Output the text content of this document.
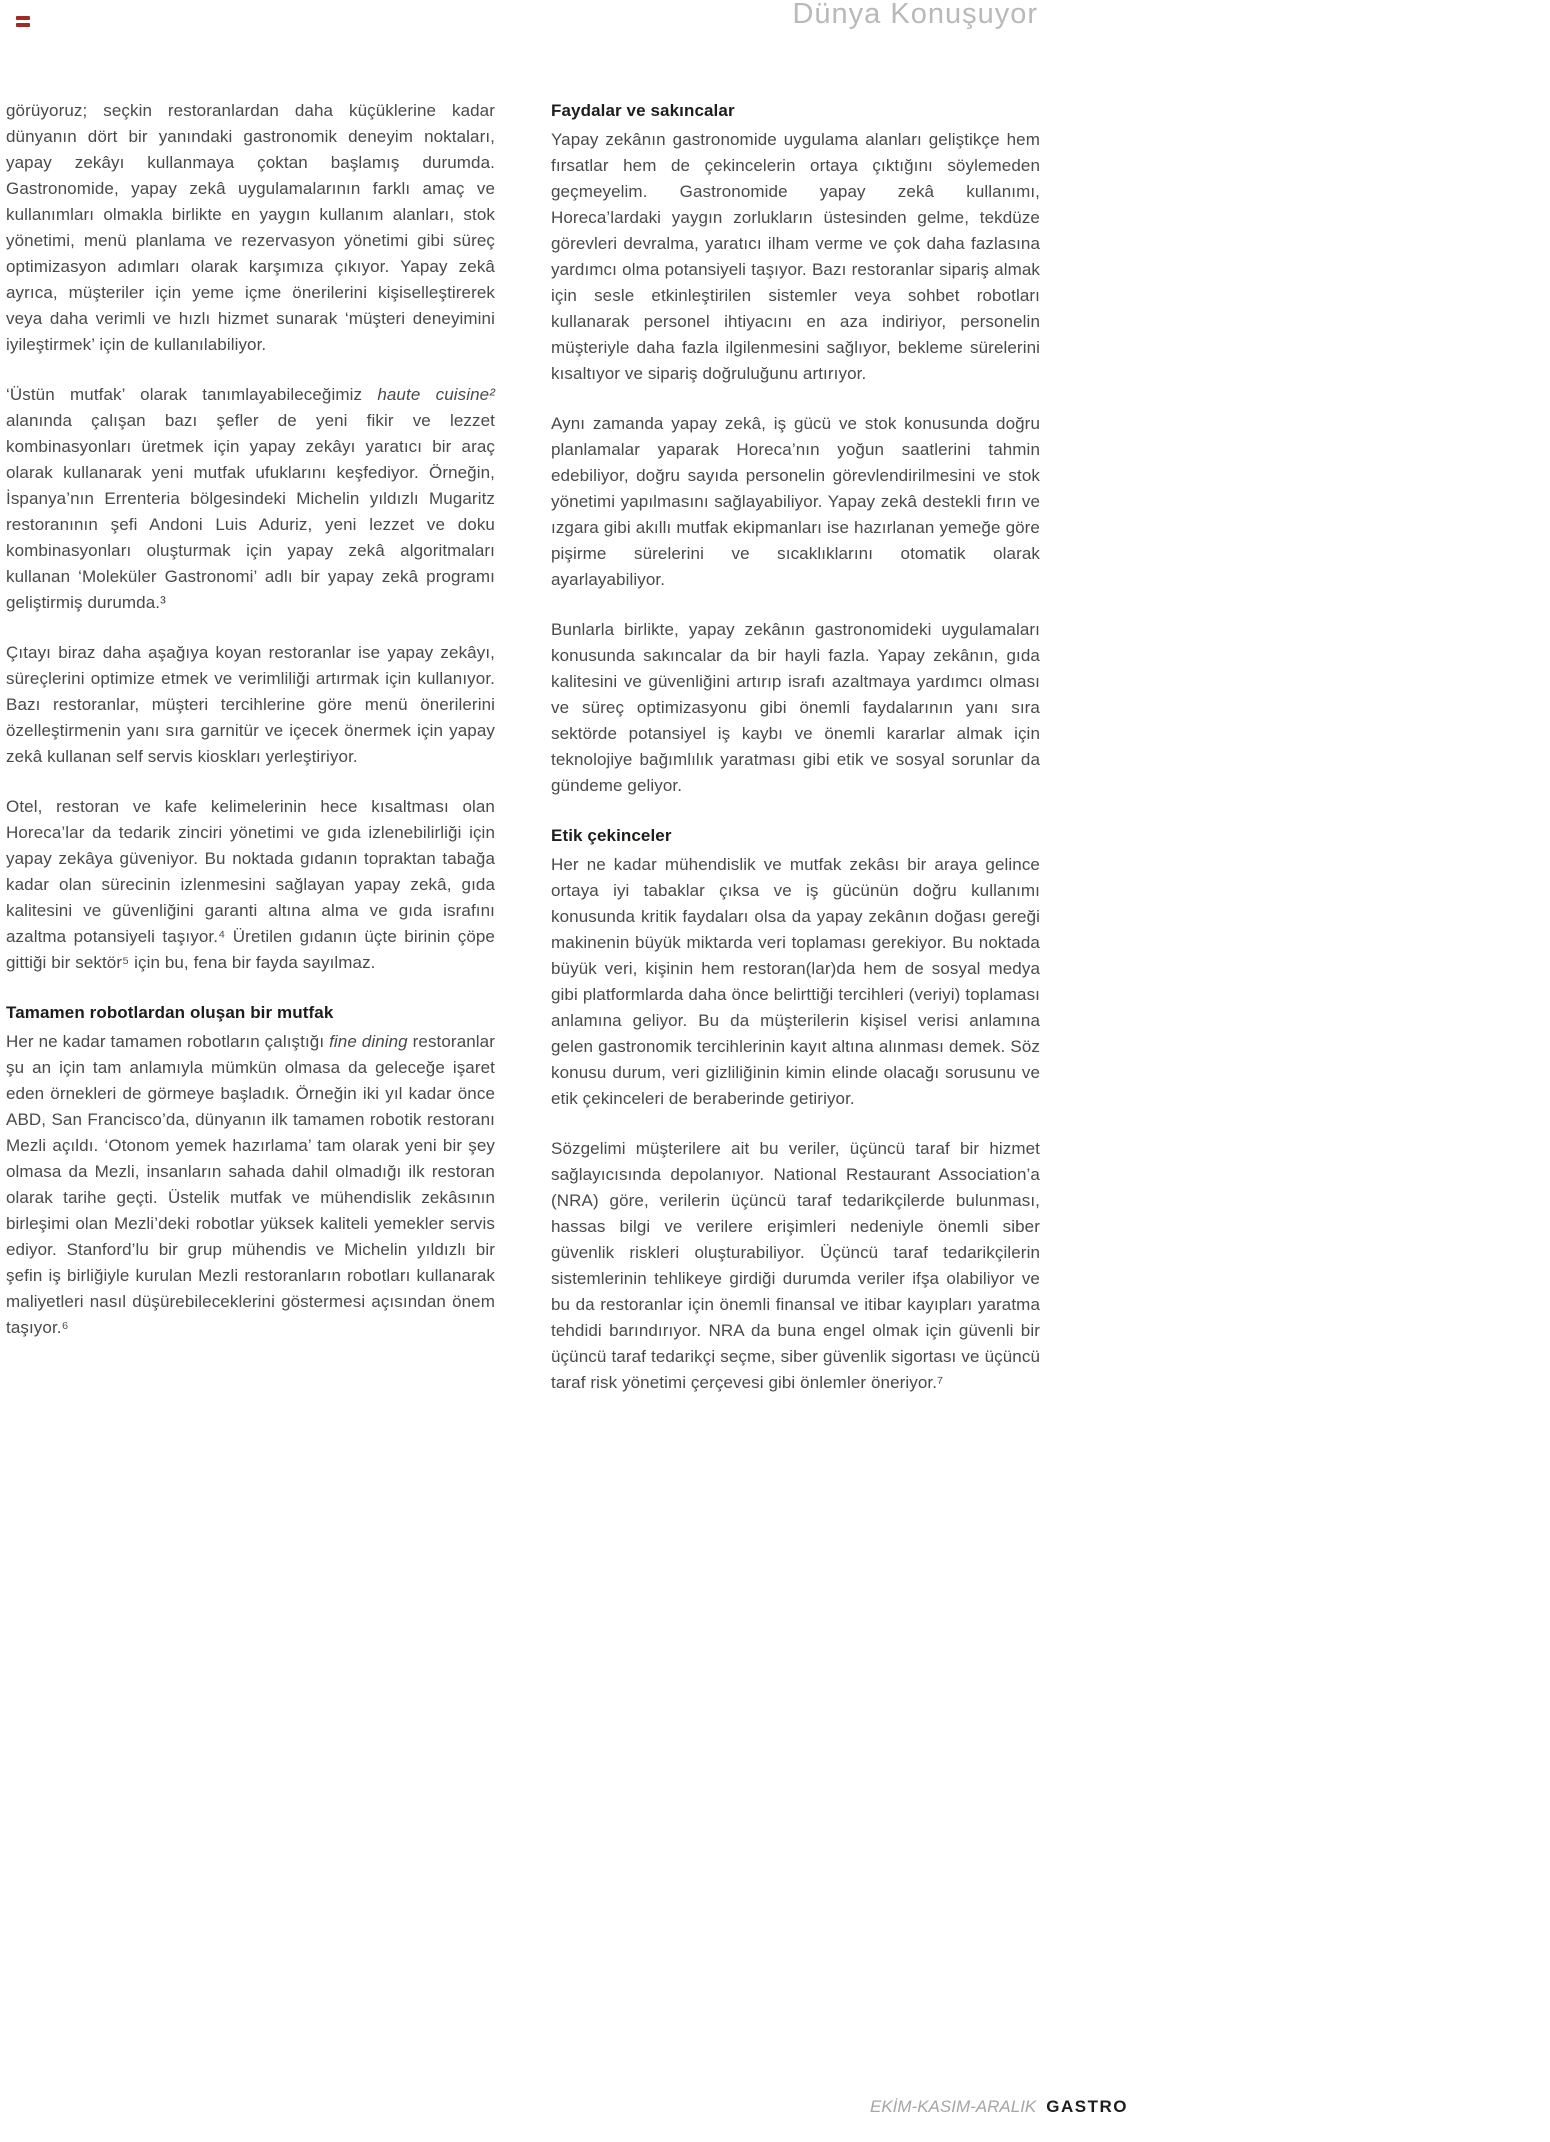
Dünya Konuşuyor

görüyoruz; seçkin restoranlardan daha küçüklerine kadar dünyanın dört bir yanındaki gastronomik deneyim noktaları, yapay zekâyı kullanmaya çoktan başlamış durumda. Gastronomide, yapay zekâ uygulamalarının farklı amaç ve kullanımları olmakla birlikte en yaygın kullanım alanları, stok yönetimi, menü planlama ve rezervasyon yönetimi gibi süreç optimizasyon adımları olarak karşımıza çıkıyor. Yapay zekâ ayrıca, müşteriler için yeme içme önerilerini kişiselleştirerek veya daha verimli ve hızlı hizmet sunarak ‘müşteri deneyimini iyileştirmek’ için de kullanılabiliyor.

‘Üstün mutfak’ olarak tanımlayabileceğimiz haute cuisine² alanında çalışan bazı şefler de yeni fikir ve lezzet kombinasyonları üretmek için yapay zekâyı yaratıcı bir araç olarak kullanarak yeni mutfak ufuklarını keşfediyor. Örneğin, İspanya’nın Errenteria bölgesindeki Michelin yıldızlı Mugaritz restoranının şefi Andoni Luis Aduriz, yeni lezzet ve doku kombinasyonları oluşturmak için yapay zekâ algoritmaları kullanan ‘Moleküler Gastronomi’ adlı bir yapay zekâ programı geliştirmiş durumda.³

Çıtayı biraz daha aşağıya koyan restoranlar ise yapay zekâyı, süreçlerini optimize etmek ve verimliliği artırmak için kullanıyor. Bazı restoranlar, müşteri tercihlerine göre menü önerilerini özelleştirmenin yanı sıra garnitür ve içecek önermek için yapay zekâ kullanan self servis kioskları yerleştiriyor.

Otel, restoran ve kafe kelimelerinin hece kısaltması olan Horeca’lar da tedarik zinciri yönetimi ve gıda izlenebilirliği için yapay zekâya güveniyor. Bu noktada gıdanın topraktan tabağa kadar olan sürecinin izlenmesini sağlayan yapay zekâ, gıda kalitesini ve güvenliğini garanti altına alma ve gıda israfını azaltma potansiyeli taşıyor.⁴ Üretilen gıdanın üçte birinin çöpe gittiği bir sektör⁵ için bu, fena bir fayda sayılmaz.

Tamamen robotlardan oluşan bir mutfak

Her ne kadar tamamen robotların çalıştığı fine dining restoranlar şu an için tam anlamıyla mümkün olmasa da geleceğe işaret eden örnekleri de görmeye başladık. Örneğin iki yıl kadar önce ABD, San Francisco’da, dünyanın ilk tamamen robotik restoranı Mezli açıldı. ‘Otonom yemek hazırlama’ tam olarak yeni bir şey olmasa da Mezli, insanların sahada dahil olmadığı ilk restoran olarak tarihe geçti. Üstelik mutfak ve mühendislik zekâsının birleşimi olan Mezli’deki robotlar yüksek kaliteli yemekler servis ediyor. Stanford’lu bir grup mühendis ve Michelin yıldızlı bir şefin iş birliğiyle kurulan Mezli restoranların robotları kullanarak maliyetleri nasıl düşürebileceklerini göstermesi açısından önem taşıyor.⁶

Faydalar ve sakıncalar

Yapay zekânın gastronomide uygulama alanları geliştikçe hem fırsatlar hem de çekincelerin ortaya çıktığını söylemeden geçmeyelim. Gastronomide yapay zekâ kullanımı, Horeca’lardaki yaygın zorlukların üstesinden gelme, tekdüze görevleri devralma, yaratıcı ilham verme ve çok daha fazlasına yardımcı olma potansiyeli taşıyor. Bazı restoranlar sipariş almak için sesle etkinleştirilen sistemler veya sohbet robotları kullanarak personel ihtiyacını en aza indiriyor, personelin müşteriyle daha fazla ilgilenmesini sağlıyor, bekleme sürelerini kısaltıyor ve sipariş doğruluğunu artırıyor.

Aynı zamanda yapay zekâ, iş gücü ve stok konusunda doğru planlamalar yaparak Horeca’nın yoğun saatlerini tahmin edebiliyor, doğru sayıda personelin görevlendirilmesini ve stok yönetimi yapılmasını sağlayabiliyor. Yapay zekâ destekli fırın ve ızgara gibi akıllı mutfak ekipmanları ise hazırlanan yemeğe göre pişirme sürelerini ve sıcaklıklarını otomatik olarak ayarlayabiliyor.

Bunlarla birlikte, yapay zekânın gastronomideki uygulamaları konusunda sakıncalar da bir hayli fazla. Yapay zekânın, gıda kalitesini ve güvenliğini artırıp israfı azaltmaya yardımcı olması ve süreç optimizasyonu gibi önemli faydalarının yanı sıra sektörde potansiyel iş kaybı ve önemli kararlar almak için teknolojiye bağımlılık yaratması gibi etik ve sosyal sorunlar da gündeme geliyor.

Etik çekinceler

Her ne kadar mühendislik ve mutfak zekâsı bir araya gelince ortaya iyi tabaklar çıksa ve iş gücünün doğru kullanımı konusunda kritik faydaları olsa da yapay zekânın doğası gereği makinenin büyük miktarda veri toplaması gerekiyor. Bu noktada büyük veri, kişinin hem restoran(lar)da hem de sosyal medya gibi platformlarda daha önce belirttiği tercihleri (veriyi) toplaması anlamına geliyor. Bu da müşterilerin kişisel verisi anlamına gelen gastronomik tercihlerinin kayıt altına alınması demek. Söz konusu durum, veri gizliliğinin kimin elinde olacağı sorusunu ve etik çekinceleri de beraberinde getiriyor.

Sözgelimi müşterilere ait bu veriler, üçüncü taraf bir hizmet sağlayıcısında depolanıyor. National Restaurant Association’a (NRA) göre, verilerin üçüncü taraf tedarikçilerde bulunması, hassas bilgi ve verilere erişimleri nedeniyle önemli siber güvenlik riskleri oluşturabiliyor. Üçüncü taraf tedarikçilerin sistemlerinin tehlikeye girdiği durumda veriler ifşa olabiliyor ve bu da restoranlar için önemli finansal ve itibar kayıpları yaratma tehdidi barındırıyor. NRA da buna engel olmak için güvenli bir üçüncü taraf tedarikçi seçme, siber güvenlik sigortası ve üçüncü taraf risk yönetimi çerçevesi gibi önlemler öneriyor.⁷

EKİM-KASIM-ARALIK GASTRO
